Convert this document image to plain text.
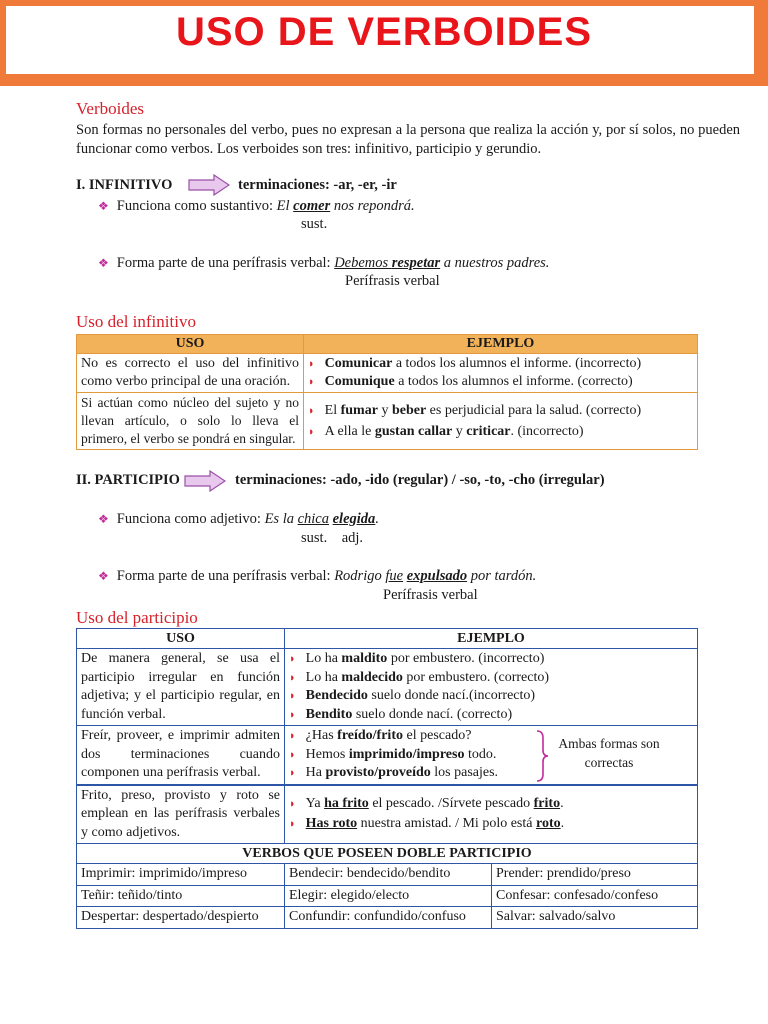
USO DE VERBOIDES
Verboides
Son formas no personales del verbo, pues no expresan a la persona que realiza la acción y, por sí solos, no pueden funcionar como verbos. Los verboides son tres: infinitivo, participio y gerundio.
I. INFINITIVO	terminaciones: -ar, -er, -ir
❖ Funciona como sustantivo: El comer nos repondrá.
sust.
❖ Forma parte de una perífrasis verbal: Debemos respetar a nuestros padres.
Perífrasis verbal
Uso del infinitivo
USO	EJEMPLO
No es correcto el uso del infinitivo como verbo principal de una oración.	◗ Comunicar a todos los alumnos el informe. (incorrecto)
◗ Comunique a todos los alumnos el informe. (correcto)

Si actúan como núcleo del sujeto y no llevan artículo, o solo lo lleva el primero, el verbo se pondrá en singular.	◗ El fumar y beber es perjudicial para la salud. (correcto)
◗ A ella le gustan callar y criticar. (incorrecto)
II. PARTICIPIO	terminaciones: -ado, -ido (regular) / -so, -to, -cho (irregular)
❖ Funciona como adjetivo: Es la chica elegida.
sust.    adj.
❖ Forma parte de una perífrasis verbal: Rodrigo fue expulsado por tardón.
Perífrasis verbal
Uso del participio
USO	EJEMPLO	
De manera general, se usa el participio irregular en función adjetiva; y el participio regular, en función verbal.	◗ Lo ha maldito por embustero. (incorrecto)
◗ Lo ha maldecido por embustero. (correcto)
◗ Bendecido suelo donde nací.(incorrecto)
◗ Bendito suelo donde nací. (correcto)	

Freír, proveer, e imprimir admiten dos terminaciones cuando componen una perífrasis verbal.	◗ ¿Has freído/frito el pescado?
◗ Hemos imprimido/impreso todo.
◗ Ha provisto/proveído los pasajes.
Ambas formas son correctas	

Frito, preso, provisto y roto se emplean en las perífrasis verbales y como adjetivos.	◗ Ya ha frito el pescado. /Sírvete pescado frito.
◗ Has roto nuestra amistad. / Mi polo está roto.	

VERBOS QUE POSEEN DOBLE PARTICIPIO		
Imprimir: imprimido/impreso	Bendecir: bendecido/bendito	Prender: prendido/preso
Teñir: teñido/tinto	Elegir: elegido/electo	Confesar: confesado/confeso
Despertar: despertado/despierto	Confundir: confundido/confuso	Salvar: salvado/salvo
